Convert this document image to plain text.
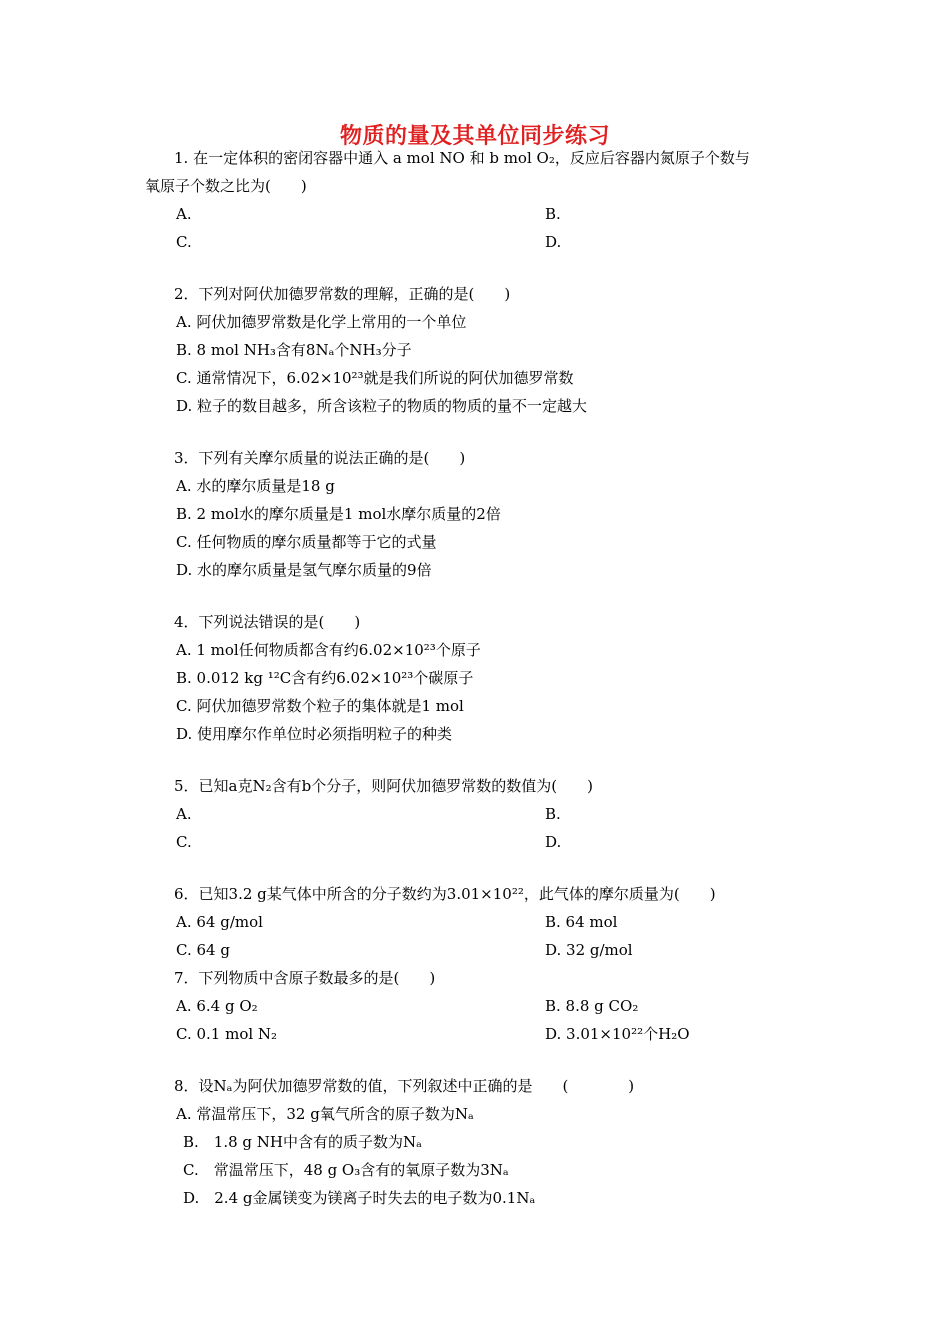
物质的量及其单位同步练习
1. 在一定体积的密闭容器中通入 a mol NO 和 b mol O₂，反应后容器内氮原子个数与
氧原子个数之比为(　　)
A.	B.
C.	D.
2．下列对阿伏加德罗常数的理解，正确的是(　　)
A. 阿伏加德罗常数是化学上常用的一个单位
B. 8 mol NH₃含有8Nₐ个NH₃分子
C. 通常情况下，6.02×10²³就是我们所说的阿伏加德罗常数
D. 粒子的数目越多，所含该粒子的物质的物质的量不一定越大
3．下列有关摩尔质量的说法正确的是(　　)
A. 水的摩尔质量是18 g
B. 2 mol水的摩尔质量是1 mol水摩尔质量的2倍
C. 任何物质的摩尔质量都等于它的式量
D. 水的摩尔质量是氢气摩尔质量的9倍
4．下列说法错误的是(　　)
A. 1 mol任何物质都含有约6.02×10²³个原子
B. 0.012 kg ¹²C含有约6.02×10²³个碳原子
C. 阿伏加德罗常数个粒子的集体就是1 mol
D. 使用摩尔作单位时必须指明粒子的种类
5．已知a克N₂含有b个分子，则阿伏加德罗常数的数值为(　　)
A.	B.
C.	D.
6．已知3.2 g某气体中所含的分子数约为3.01×10²²，此气体的摩尔质量为(　　)
A. 64 g/mol	B. 64 mol
C. 64 g	D. 32 g/mol
7．下列物质中含原子数最多的是(　　)
A. 6.4 g O₂	B. 8.8 g CO₂
C. 0.1 mol N₂	D. 3.01×10²²个H₂O
8．设Nₐ为阿伏加德罗常数的值，下列叙述中正确的是　　(　　　　)
A. 常温常压下，32 g氧气所含的原子数为Nₐ
B.　1.8 g NH中含有的质子数为Nₐ
C.　常温常压下，48 g O₃含有的氧原子数为3Nₐ
D.　2.4 g金属镁变为镁离子时失去的电子数为0.1Nₐ
